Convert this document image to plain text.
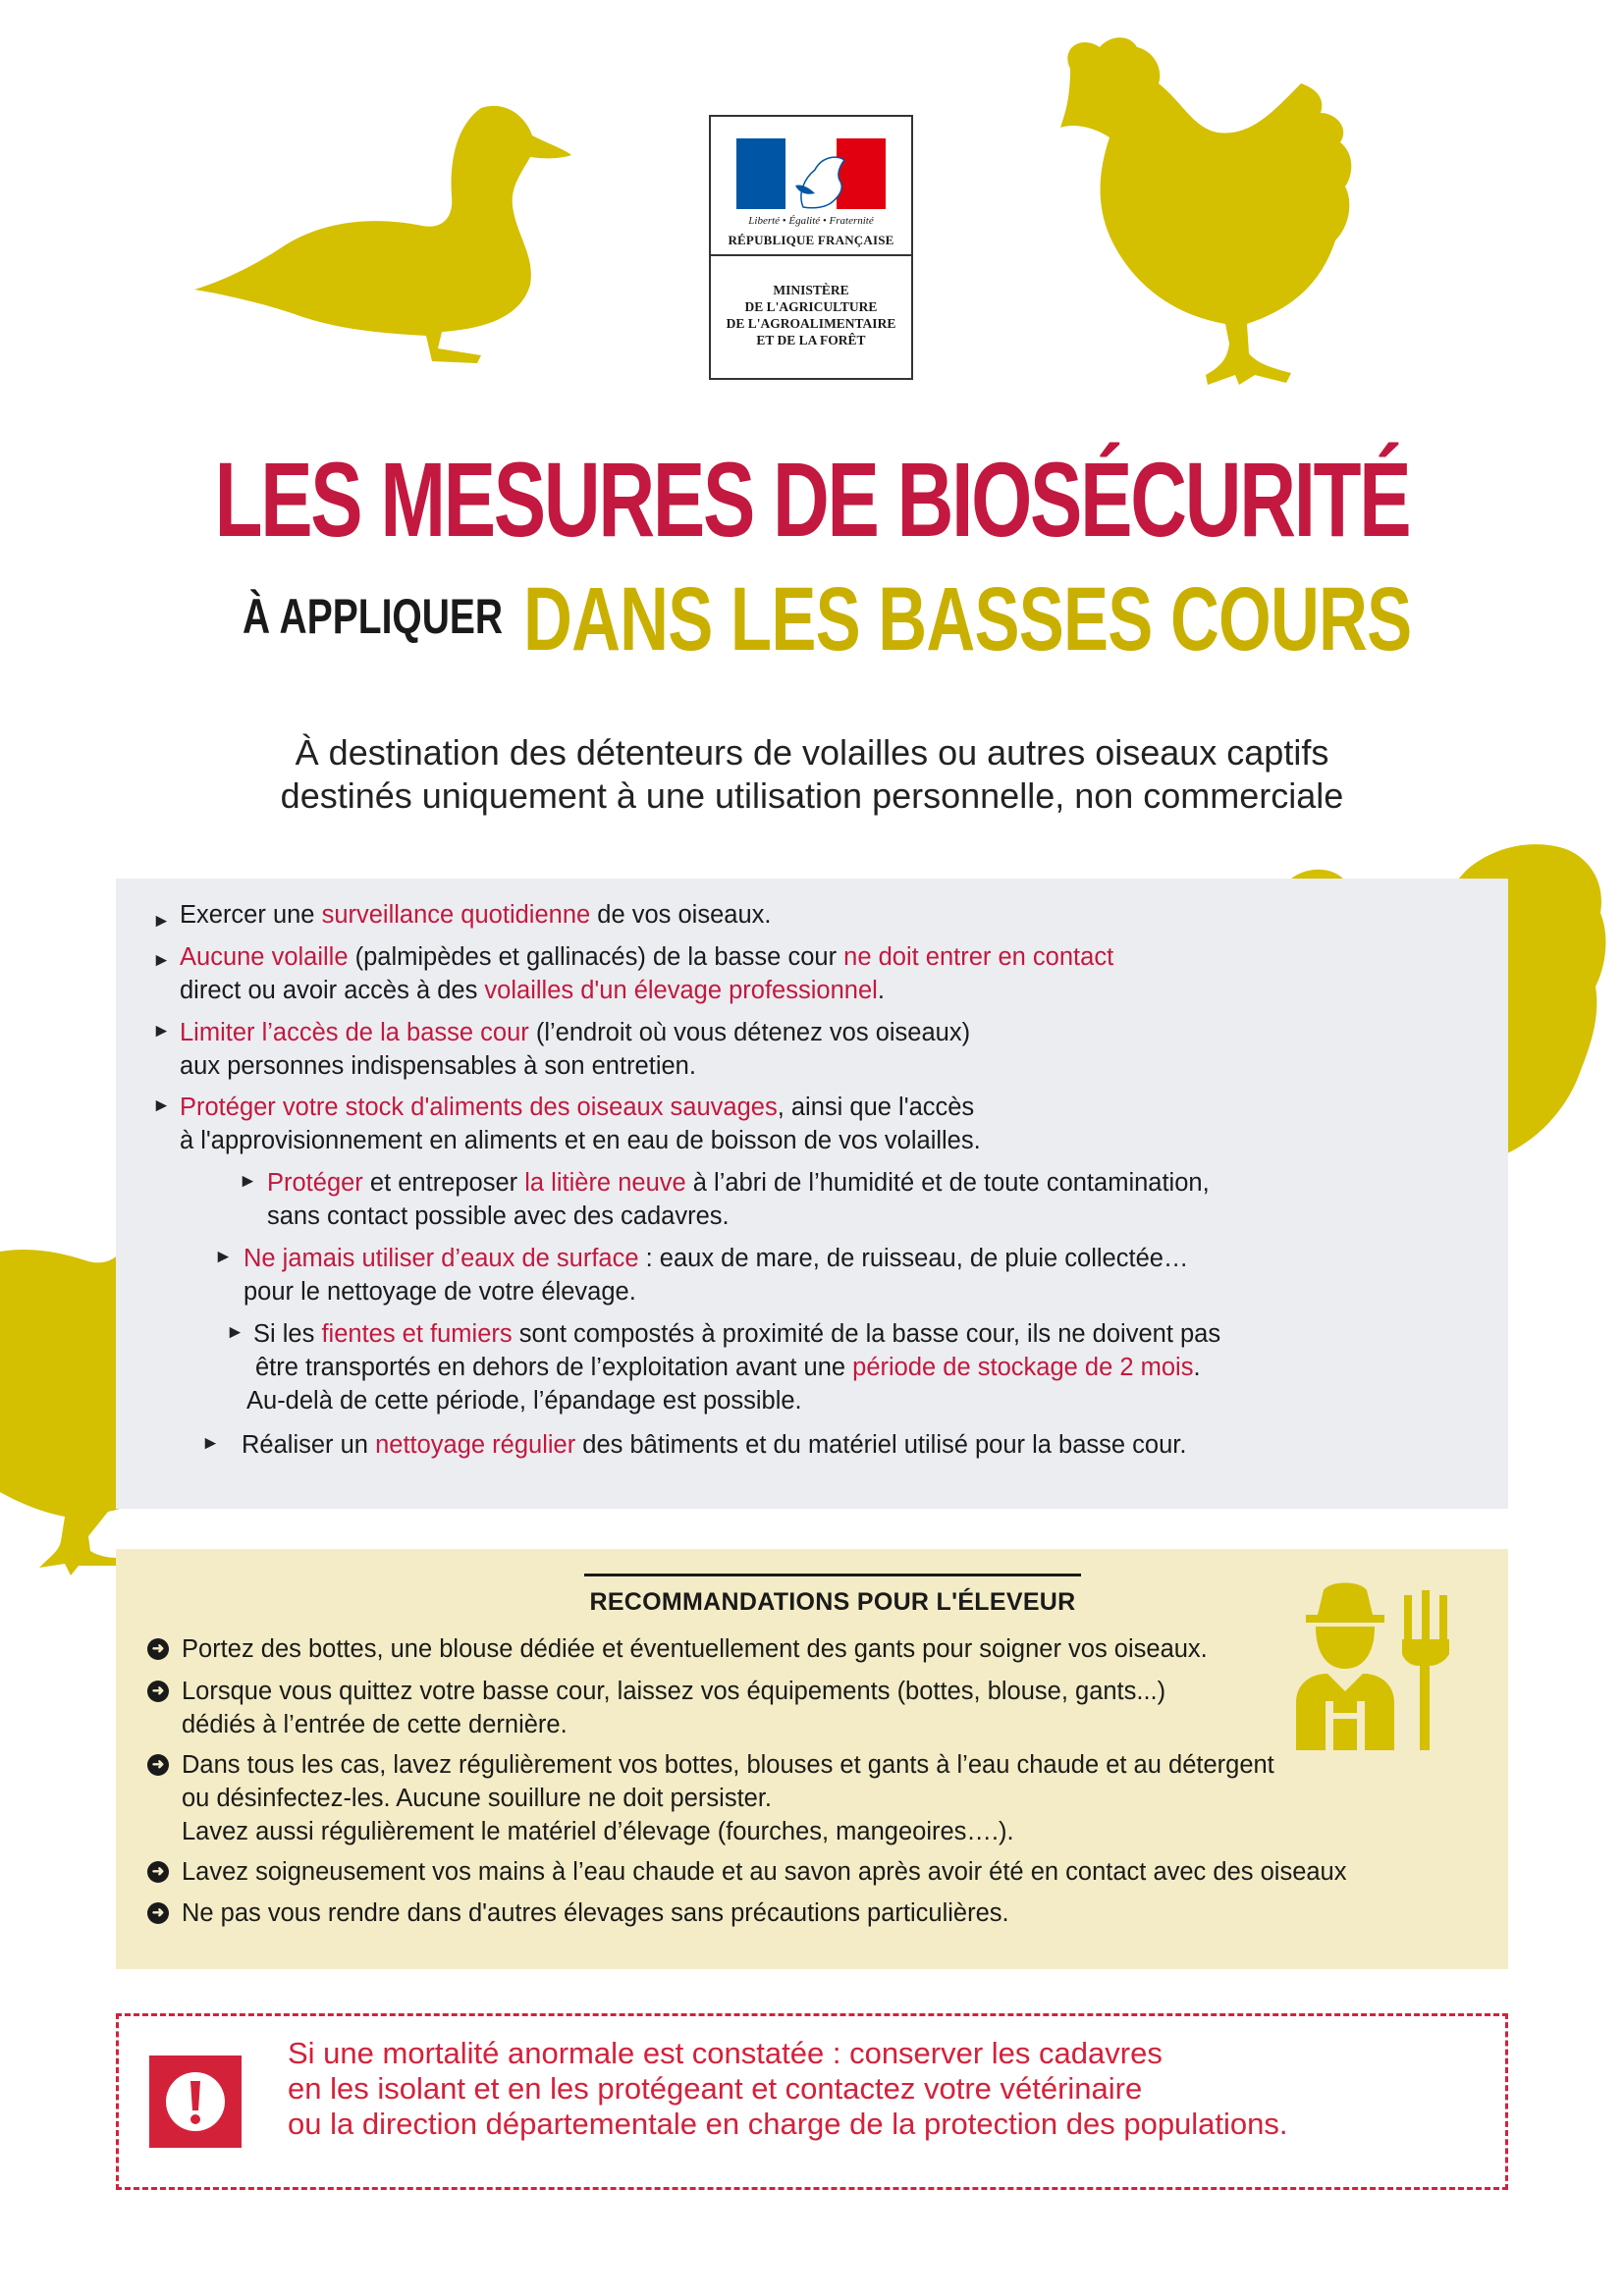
Liberté • Égalité • Fraternité
RÉPUBLIQUE FRANÇAISE
MINISTÈRE
DE L'AGRICULTURE
DE L'AGROALIMENTAIRE
ET DE LA FORÊT
LES MESURES DE BIOSÉCURITÉ
À APPLIQUER DANS LES BASSES COURS
À destination des détenteurs de volailles ou autres oiseaux captifs
destinés uniquement à une utilisation personnelle, non commerciale
► Exercer une surveillance quotidienne de vos oiseaux.
► Aucune volaille (palmipèdes et gallinacés) de la basse cour ne doit entrer en contact
direct ou avoir accès à des volailles d'un élevage professionnel.
► Limiter l’accès de la basse cour (l’endroit où vous détenez vos oiseaux)
aux personnes indispensables à son entretien.
► Protéger votre stock d'aliments des oiseaux sauvages, ainsi que l'accès
à l'approvisionnement en aliments et en eau de boisson de vos volailles.
► Protéger et entreposer la litière neuve à l’abri de l’humidité et de toute contamination,
sans contact possible avec des cadavres.
► Ne jamais utiliser d’eaux de surface : eaux de mare, de ruisseau, de pluie collectée…
pour le nettoyage de votre élevage.
► Si les fientes et fumiers sont compostés à proximité de la basse cour, ils ne doivent pas
être transportés en dehors de l’exploitation avant une période de stockage de 2 mois.
Au-delà de cette période, l’épandage est possible.
► Réaliser un nettoyage régulier des bâtiments et du matériel utilisé pour la basse cour.
RECOMMANDATIONS POUR L'ÉLEVEUR
➜ Portez des bottes, une blouse dédiée et éventuellement des gants pour soigner vos oiseaux.
➜ Lorsque vous quittez votre basse cour, laissez vos équipements (bottes, blouse, gants...)
dédiés à l’entrée de cette dernière.
➜ Dans tous les cas, lavez régulièrement vos bottes, blouses et gants à l’eau chaude et au détergent
ou désinfectez-les. Aucune souillure ne doit persister.
Lavez aussi régulièrement le matériel d’élevage (fourches, mangeoires….).
➜ Lavez soigneusement vos mains à l’eau chaude et au savon après avoir été en contact avec des oiseaux
➜ Ne pas vous rendre dans d'autres élevages sans précautions particulières.
Si une mortalité anormale est constatée : conserver les cadavres
en les isolant et en les protégeant et contactez votre vétérinaire
ou la direction départementale en charge de la protection des populations.
